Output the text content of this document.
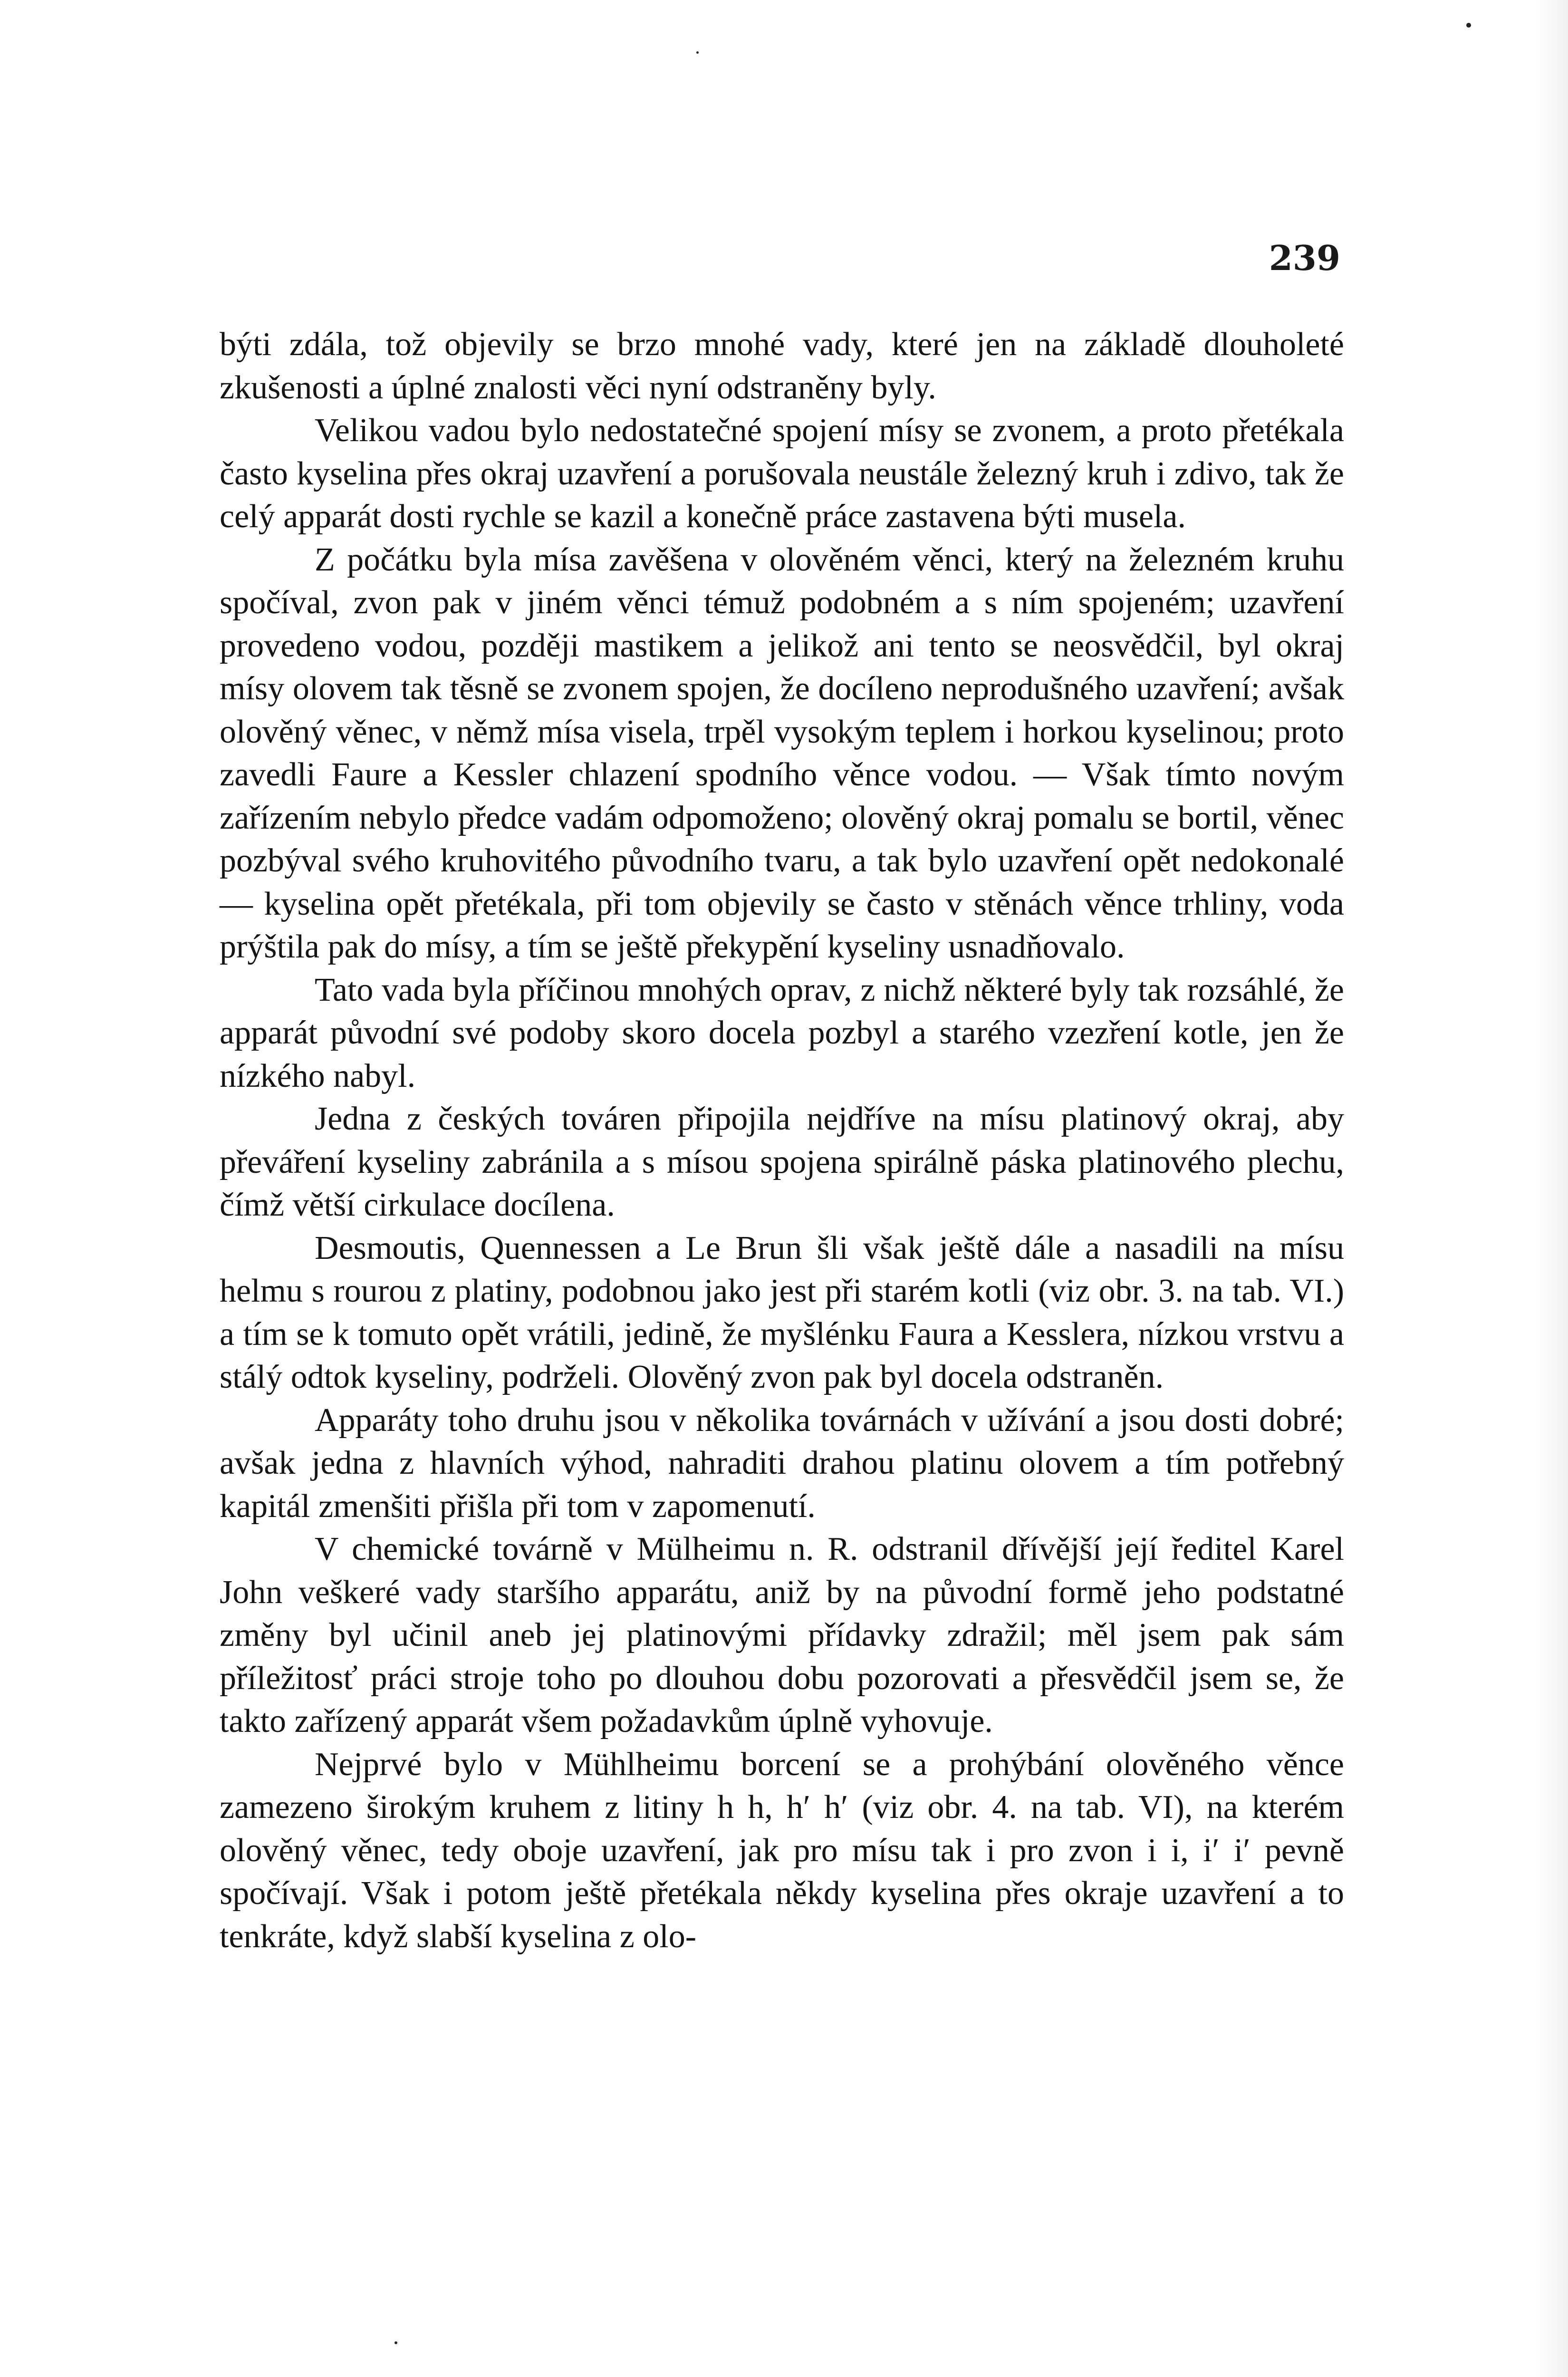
239

býti zdála, tož objevily se brzo mnohé vady, které jen na základě dlouholeté zkušenosti a úplné znalosti věci nyní odstraněny byly.

Velikou vadou bylo nedostatečné spojení mísy se zvonem, a proto přetékala často kyselina přes okraj uzavření a porušovala neustále železný kruh i zdivo, tak že celý apparát dosti rychle se kazil a konečně práce zastavena býti musela.

Z počátku byla mísa zavěšena v olověném věnci, který na železném kruhu spočíval, zvon pak v jiném věnci témuž podobném a s ním spojeném; uzavření provedeno vodou, později mastikem a jelikož ani tento se neosvědčil, byl okraj mísy olovem tak těsně se zvonem spojen, že docíleno neprodušného uzavření; avšak olověný věnec, v němž mísa visela, trpěl vysokým teplem i horkou kyselinou; proto zavedli Faure a Kessler chlazení spodního věnce vodou. — Však tímto novým zařízením nebylo předce vadám odpomoženo; olověný okraj pomalu se bortil, věnec pozbýval svého kruhovitého původního tvaru, a tak bylo uzavření opět nedokonalé — kyselina opět přetékala, při tom objevily se často v stěnách věnce trhliny, voda prýštila pak do mísy, a tím se ještě překypění kyseliny usnadňovalo.

Tato vada byla příčinou mnohých oprav, z nichž některé byly tak rozsáhlé, že apparát původní své podoby skoro docela pozbyl a starého vzezření kotle, jen že nízkého nabyl.

Jedna z českých továren připojila nejdříve na mísu platinový okraj, aby převáření kyseliny zabránila a s mísou spojena spirálně páska platinového plechu, čímž větší cirkulace docílena.

Desmoutis, Quennessen a Le Brun šli však ještě dále a nasadili na mísu helmu s rourou z platiny, podobnou jako jest při starém kotli (viz obr. 3. na tab. VI.) a tím se k tomuto opět vrátili, jedině, že myšlénku Faura a Kesslera, nízkou vrstvu a stálý odtok kyseliny, podrželi. Olověný zvon pak byl docela odstraněn.

Apparáty toho druhu jsou v několika továrnách v užívání a jsou dosti dobré; avšak jedna z hlavních výhod, nahraditi drahou platinu olovem a tím potřebný kapitál zmenšiti přišla při tom v zapomenutí.

V chemické továrně v Mülheimu n. R. odstranil dřívější její ředitel Karel John veškeré vady staršího apparátu, aniž by na původní formě jeho podstatné změny byl učinil aneb jej platinovými přídavky zdražil; měl jsem pak sám příležitosť práci stroje toho po dlouhou dobu pozorovati a přesvědčil jsem se, že takto zařízený apparát všem požadavkům úplně vyhovuje.

Nejprvé bylo v Mühlheimu borcení se a prohýbání olověného věnce zamezeno širokým kruhem z litiny h h, h′ h′ (viz obr. 4. na tab. VI), na kterém olověný věnec, tedy oboje uzavření, jak pro mísu tak i pro zvon i i, i′ i′ pevně spočívají. Však i potom ještě přetékala někdy kyselina přes okraje uzavření a to tenkráte, když slabší kyselina z olo-
